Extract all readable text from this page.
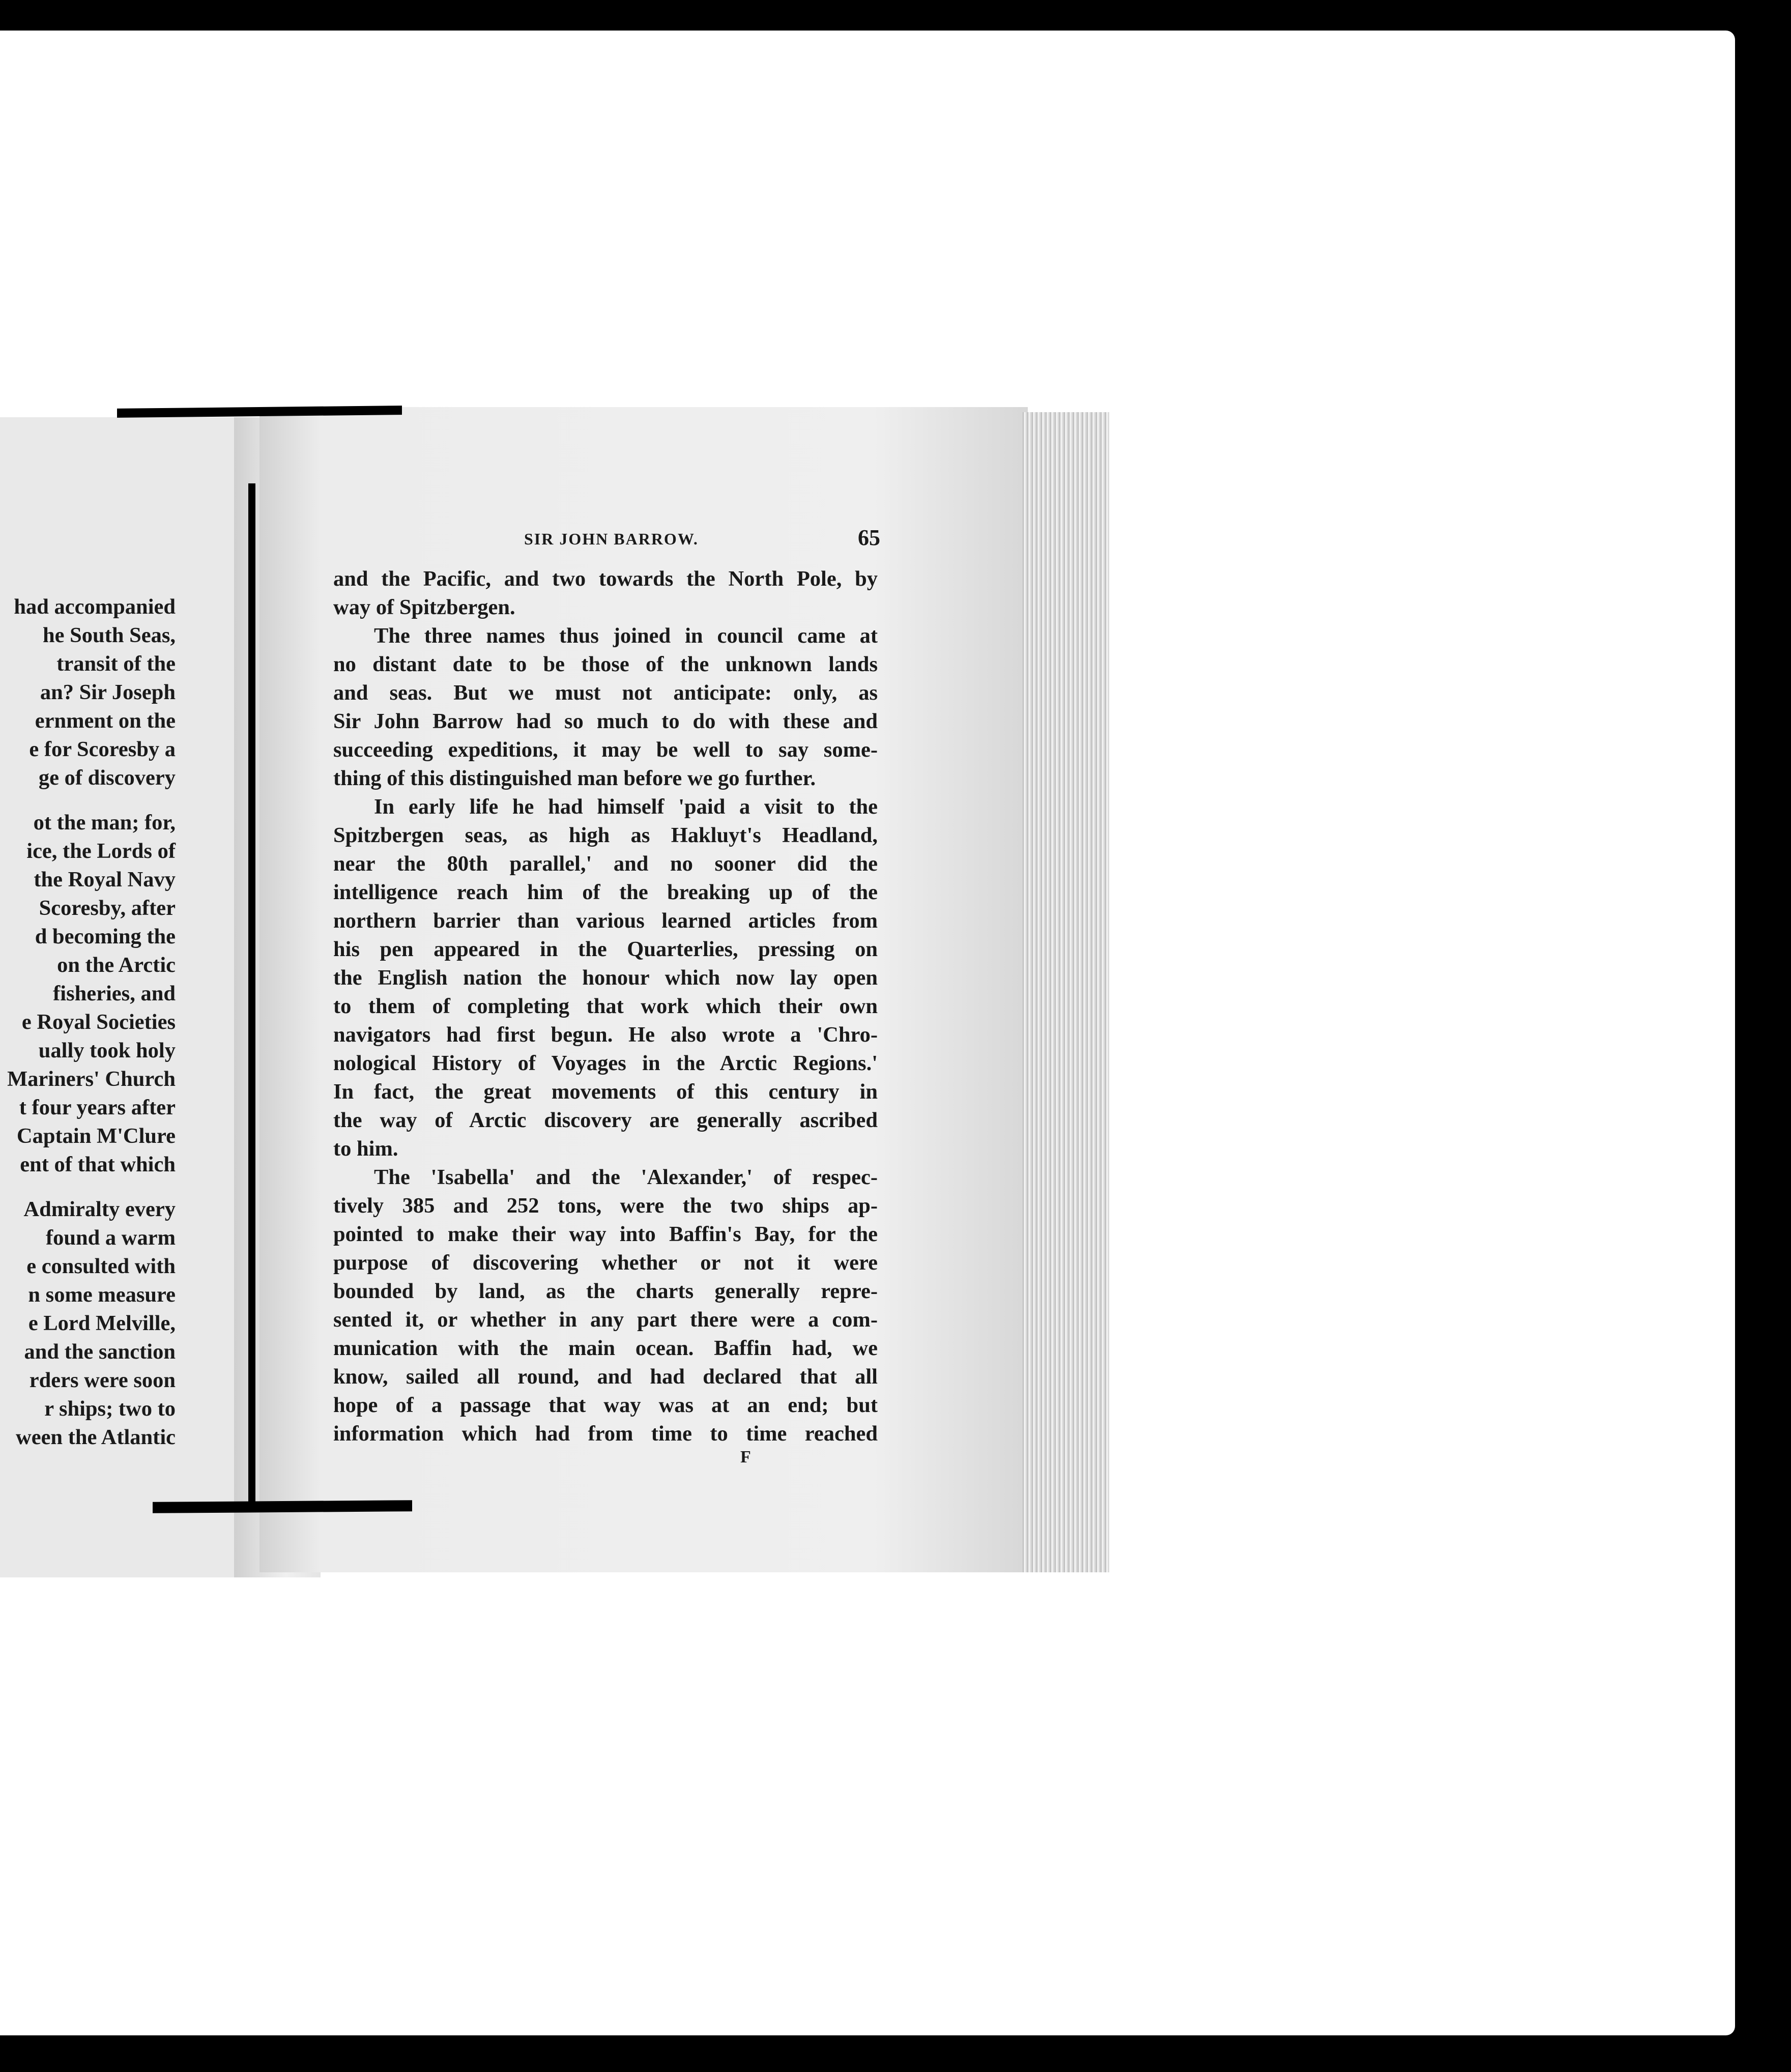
had accompanied
he South Seas,
transit of the
an? Sir Joseph
ernment on the
e for Scoresby a
ge of discovery
ot the man; for,
ice, the Lords of
the Royal Navy
Scoresby, after
d becoming the
on the Arctic
fisheries, and
e Royal Societies
ually took holy
Mariners' Church
t four years after
Captain M'Clure
ent of that which
Admiralty every
found a warm
e consulted with
n some measure
e Lord Melville,
and the sanction
rders were soon
r ships; two to
ween the Atlantic
SIR JOHN BARROW.	65
and the Pacific, and two towards the North Pole, by
way of Spitzbergen.
The three names thus joined in council came at
no distant date to be those of the unknown lands
and seas. But we must not anticipate: only, as
Sir John Barrow had so much to do with these and
succeeding expeditions, it may be well to say some-
thing of this distinguished man before we go further.
In early life he had himself 'paid a visit to the
Spitzbergen seas, as high as Hakluyt's Headland,
near the 80th parallel,' and no sooner did the
intelligence reach him of the breaking up of the
northern barrier than various learned articles from
his pen appeared in the Quarterlies, pressing on
the English nation the honour which now lay open
to them of completing that work which their own
navigators had first begun. He also wrote a 'Chro-
nological History of Voyages in the Arctic Regions.'
In fact, the great movements of this century in
the way of Arctic discovery are generally ascribed
to him.
The 'Isabella' and the 'Alexander,' of respec-
tively 385 and 252 tons, were the two ships ap-
pointed to make their way into Baffin's Bay, for the
purpose of discovering whether or not it were
bounded by land, as the charts generally repre-
sented it, or whether in any part there were a com-
munication with the main ocean. Baffin had, we
know, sailed all round, and had declared that all
hope of a passage that way was at an end; but
information which had from time to time reached
F
